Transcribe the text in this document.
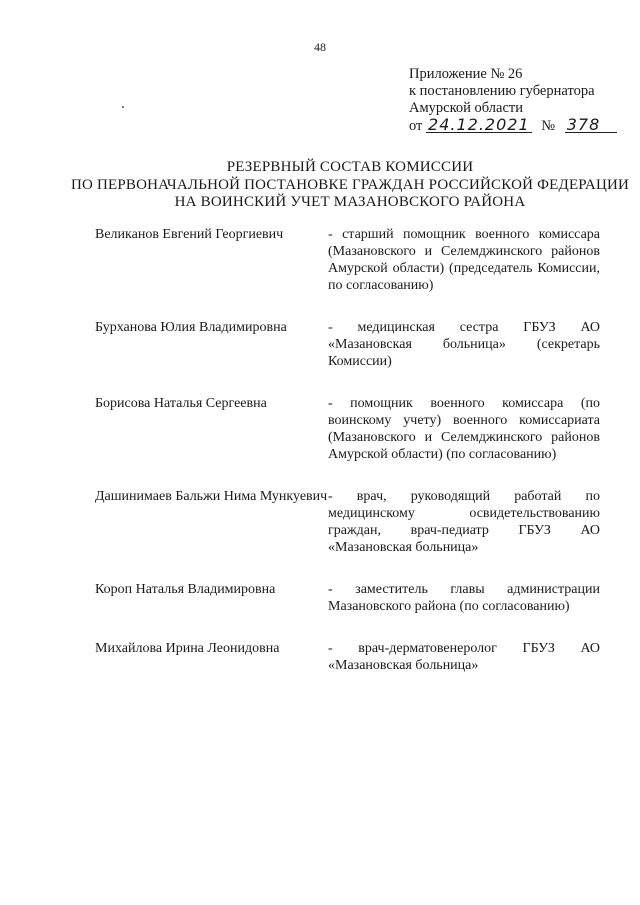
48
Приложение № 26
к постановлению губернатора
Амурской области
от 24.12.2021 № 378
РЕЗЕРВНЫЙ СОСТАВ КОМИССИИ
ПО ПЕРВОНАЧАЛЬНОЙ ПОСТАНОВКЕ ГРАЖДАН РОССИЙСКОЙ ФЕДЕРАЦИИ
НА ВОИНСКИЙ УЧЕТ МАЗАНОВСКОГО РАЙОНА
Великанов Евгений Георгиевич	- старший помощник военного комиссара (Мазановского и Селемджинского районов Амурской области) (председатель Комиссии, по согласованию)
Бурханова Юлия Владимировна	- медицинская сестра ГБУЗ АО «Мазановская больница» (секретарь Комиссии)
Борисова Наталья Сергеевна	- помощник военного комиссара (по воинскому учету) военного комиссариата (Мазановского и Селемджинского районов Амурской области) (по согласованию)
Дашинимаев Бальжи Нима Мункуевич - врач, руководящий работай по медицинскому освидетельствованию граждан, врач-педиатр ГБУЗ АО «Мазановская больница»
Короп Наталья Владимировна	- заместитель главы администрации Мазановского района (по согласованию)
Михайлова Ирина Леонидовна	- врач-дерматовенеролог ГБУЗ АО «Мазановская больница»
